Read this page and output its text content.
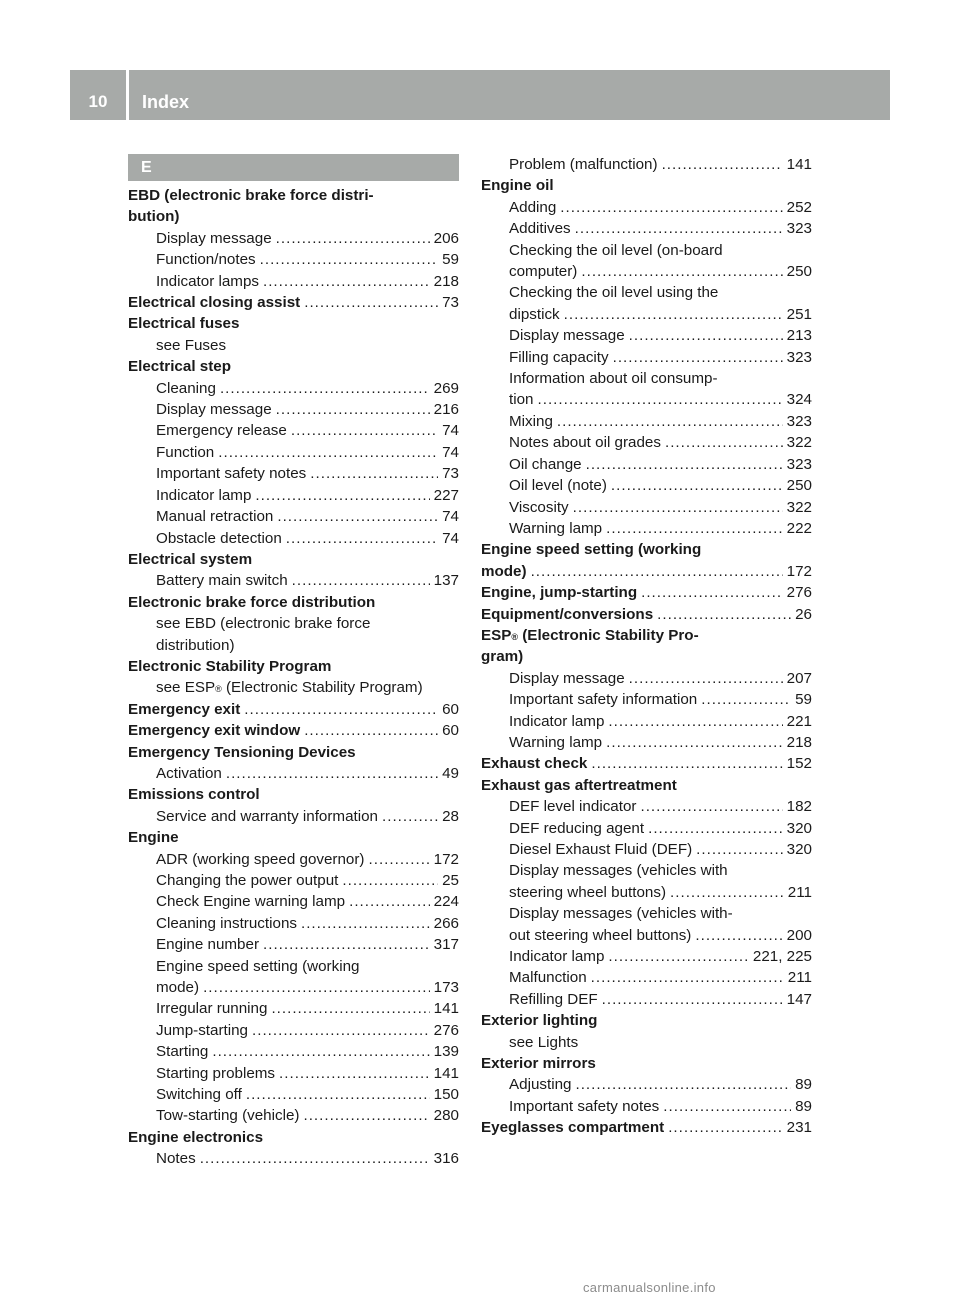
10	Index
E
EBD (electronic brake force distri-
bution)
Display message .....	206
Function/notes .....	59
Indicator lamps .....	218
Electrical closing assist .....	73
Electrical fuses
see Fuses
Electrical step
Cleaning .....	269
Display message .....	216
Emergency release .....	74
Function .....	74
Important safety notes .....	73
Indicator lamp .....	227
Manual retraction .....	74
Obstacle detection .....	74
Electrical system
Battery main switch .....	137
Electronic brake force distribution
see EBD (electronic brake force
distribution)
Electronic Stability Program
see ESP ® (Electronic Stability Program)
Emergency exit .....	60
Emergency exit window .....	60
Emergency Tensioning Devices
Activation .....	49
Emissions control
Service and warranty information .....	28
Engine
ADR (working speed governor) .....	172
Changing the power output .....	25
Check Engine warning lamp .....	224
Cleaning instructions .....	266
Engine number .....	317
Engine speed setting (working
mode) .....	173
Irregular running .....	141
Jump-starting .....	276
Starting .....	139
Starting problems .....	141
Switching off .....	150
Tow-starting (vehicle) .....	280
Engine electronics
Notes .....	316
Problem (malfunction) .....	141
Engine oil
Adding .....	252
Additives .....	323
Checking the oil level (on-board
computer) .....	250
Checking the oil level using the
dipstick .....	251
Display message .....	213
Filling capacity .....	323
Information about oil consump-
tion .....	324
Mixing .....	323
Notes about oil grades .....	322
Oil change .....	323
Oil level (note) .....	250
Viscosity .....	322
Warning lamp .....	222
Engine speed setting (working
mode) .....	172
Engine, jump-starting .....	276
Equipment/conversions .....	26
ESP ® (Electronic Stability Pro-
gram)
Display message .....	207
Important safety information .....	59
Indicator lamp .....	221
Warning lamp .....	218
Exhaust check .....	152
Exhaust gas aftertreatment
DEF level indicator .....	182
DEF reducing agent .....	320
Diesel Exhaust Fluid (DEF) .....	320
Display messages (vehicles with
steering wheel buttons) .....	211
Display messages (vehicles with-
out steering wheel buttons) .....	200
Indicator lamp .....	221, 225
Malfunction .....	211
Refilling DEF .....	147
Exterior lighting
see Lights
Exterior mirrors
Adjusting .....	89
Important safety notes .....	89
Eyeglasses compartment .....	231
carmanualsonline.info
